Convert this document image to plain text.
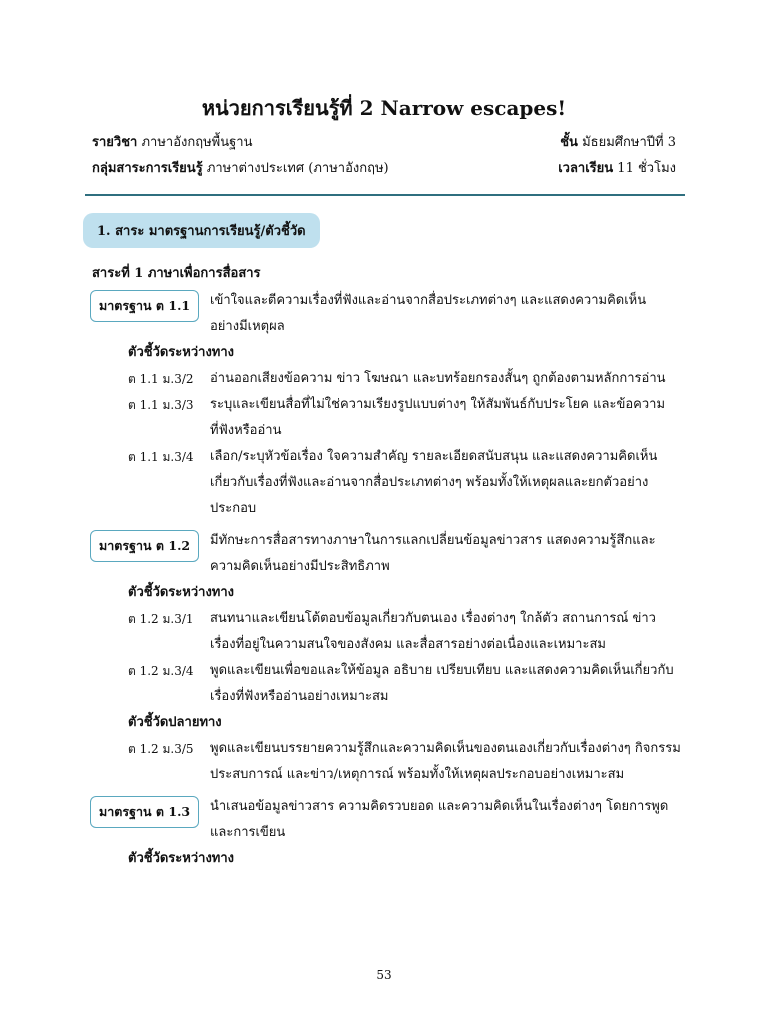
หน่วยการเรียนรู้ที่ 2 Narrow escapes!
รายวิชา ภาษาอังกฤษพื้นฐาน	ชั้น มัธยมศึกษาปีที่ 3
กลุ่มสาระการเรียนรู้ ภาษาต่างประเทศ (ภาษาอังกฤษ)	เวลาเรียน 11 ชั่วโมง
1. สาระ มาตรฐานการเรียนรู้/ตัวชี้วัด
สาระที่ 1 ภาษาเพื่อการสื่อสาร
มาตรฐาน ต 1.1	เข้าใจและตีความเรื่องที่ฟังและอ่านจากสื่อประเภทต่างๆ และแสดงความคิดเห็น
อย่างมีเหตุผล
ตัวชี้วัดระหว่างทาง
ต 1.1 ม.3/2 อ่านออกเสียงข้อความ ข่าว โฆษณา และบทร้อยกรองสั้นๆ ถูกต้องตามหลักการอ่าน
ต 1.1 ม.3/3 ระบุและเขียนสื่อที่ไม่ใช่ความเรียงรูปแบบต่างๆ ให้สัมพันธ์กับประโยค และข้อความ
ที่ฟังหรืออ่าน
ต 1.1 ม.3/4 เลือก/ระบุหัวข้อเรื่อง ใจความสำคัญ รายละเอียดสนับสนุน และแสดงความคิดเห็น
เกี่ยวกับเรื่องที่ฟังและอ่านจากสื่อประเภทต่างๆ พร้อมทั้งให้เหตุผลและยกตัวอย่าง
ประกอบ
มาตรฐาน ต 1.2	มีทักษะการสื่อสารทางภาษาในการแลกเปลี่ยนข้อมูลข่าวสาร แสดงความรู้สึกและ
ความคิดเห็นอย่างมีประสิทธิภาพ
ตัวชี้วัดระหว่างทาง
ต 1.2 ม.3/1 สนทนาและเขียนโต้ตอบข้อมูลเกี่ยวกับตนเอง เรื่องต่างๆ ใกล้ตัว สถานการณ์ ข่าว
เรื่องที่อยู่ในความสนใจของสังคม และสื่อสารอย่างต่อเนื่องและเหมาะสม
ต 1.2 ม.3/4 พูดและเขียนเพื่อขอและให้ข้อมูล อธิบาย เปรียบเทียบ และแสดงความคิดเห็นเกี่ยวกับ
เรื่องที่ฟังหรืออ่านอย่างเหมาะสม
ตัวชี้วัดปลายทาง
ต 1.2 ม.3/5 พูดและเขียนบรรยายความรู้สึกและความคิดเห็นของตนเองเกี่ยวกับเรื่องต่างๆ กิจกรรม
ประสบการณ์ และข่าว/เหตุการณ์ พร้อมทั้งให้เหตุผลประกอบอย่างเหมาะสม
มาตรฐาน ต 1.3	นำเสนอข้อมูลข่าวสาร ความคิดรวบยอด และความคิดเห็นในเรื่องต่างๆ โดยการพูด
และการเขียน
ตัวชี้วัดระหว่างทาง
53
